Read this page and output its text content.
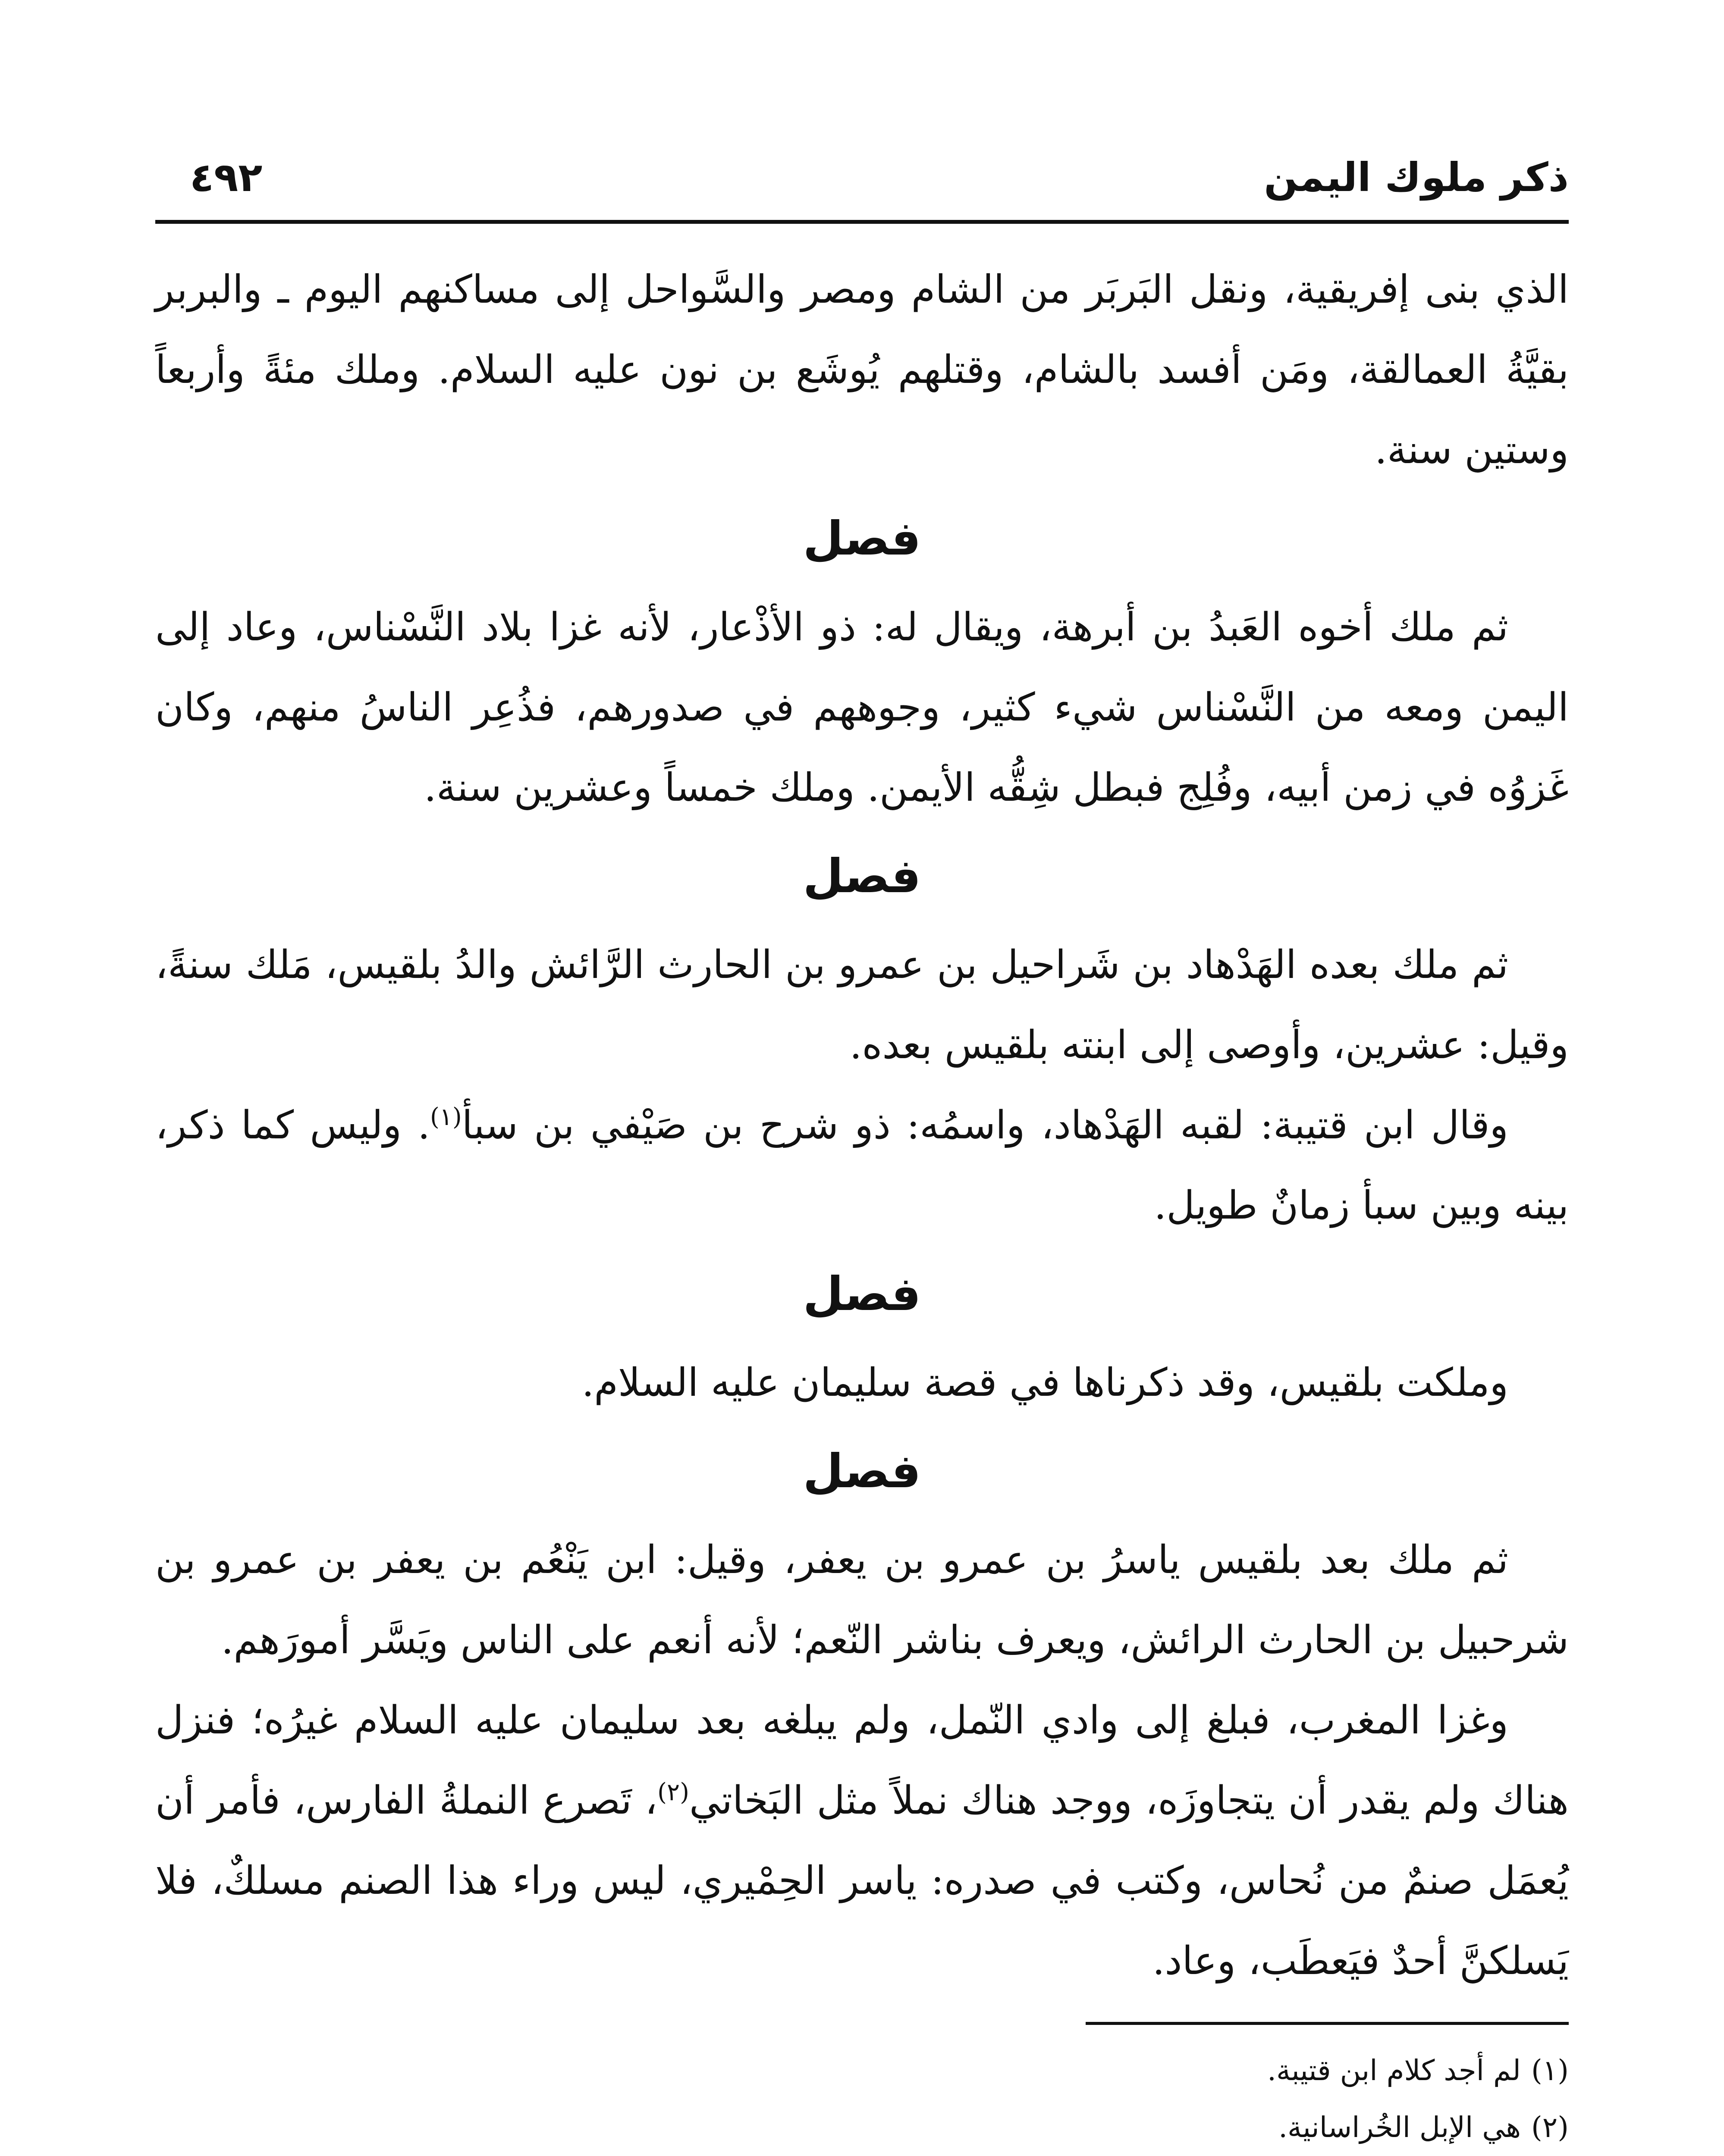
ذكر ملوك اليمن
٤٩٢

الذي بنى إفريقية، ونقل البَربَر من الشام ومصر والسَّواحل إلى مساكنهم اليوم ـ والبربر بقيَّةُ العمالقة، ومَن أفسد بالشام، وقتلهم يُوشَع بن نون عليه السلام. وملك مئةً وأربعاً وستين سنة.

فصل

ثم ملك أخوه العَبدُ بن أبرهة، ويقال له: ذو الأذْعار، لأنه غزا بلاد النَّسْناس، وعاد إلى اليمن ومعه من النَّسْناس شيء كثير، وجوههم في صدورهم، فذُعِر الناسُ منهم، وكان غَزوُه في زمن أبيه، وفُلِج فبطل شِقُّه الأيمن. وملك خمساً وعشرين سنة.

فصل

ثم ملك بعده الهَدْهاد بن شَراحيل بن عمرو بن الحارث الرَّائش والدُ بلقيس، مَلك سنةً، وقيل: عشرين، وأوصى إلى ابنته بلقيس بعده.

وقال ابن قتيبة: لقبه الهَدْهاد، واسمُه: ذو شرح بن صَيْفي بن سبأ$^{(١)}$. وليس كما ذكر، بينه وبين سبأ زمانٌ طويل.

فصل

وملكت بلقيس، وقد ذكرناها في قصة سليمان عليه السلام.

فصل

ثم ملك بعد بلقيس ياسرُ بن عمرو بن يعفر، وقيل: ابن يَنْعُم بن يعفر بن عمرو بن شرحبيل بن الحارث الرائش، ويعرف بناشر النّعم؛ لأنه أنعم على الناس ويَسَّر أمورَهم.

وغزا المغرب، فبلغ إلى وادي النّمل، ولم يبلغه بعد سليمان عليه السلام غيرُه؛ فنزل هناك ولم يقدر أن يتجاوزَه، ووجد هناك نملاً مثل البَخاتي$^{(٢)}$، تَصرع النملةُ الفارس، فأمر أن يُعمَل صنمٌ من نُحاس، وكتب في صدره: ياسر الحِمْيري، ليس وراء هذا الصنم مسلكٌ، فلا يَسلكنَّ أحدٌ فيَعطَب، وعاد.

(١)لم أجد كلام ابن قتيبة.

(٢)هي الإبل الخُراسانية.
